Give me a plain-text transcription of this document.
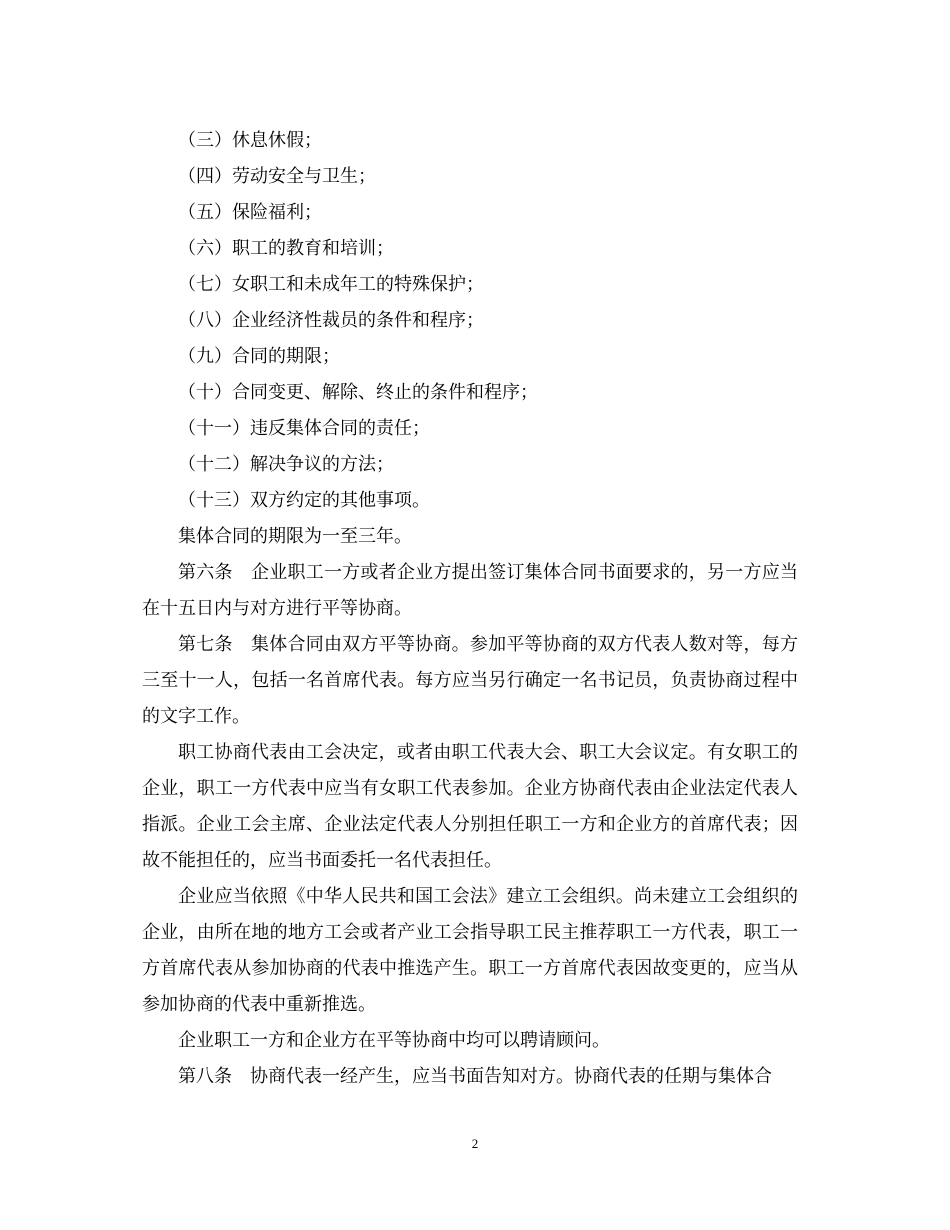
（三）休息休假；

（四）劳动安全与卫生；

（五）保险福利；

（六）职工的教育和培训；

（七）女职工和未成年工的特殊保护；

（八）企业经济性裁员的条件和程序；

（九）合同的期限；

（十）合同变更、解除、终止的条件和程序；

（十一）违反集体合同的责任；

（十二）解决争议的方法；

（十三）双方约定的其他事项。

集体合同的期限为一至三年。

第六条　企业职工一方或者企业方提出签订集体合同书面要求的，另一方应当在十五日内与对方进行平等协商。

第七条　集体合同由双方平等协商。参加平等协商的双方代表人数对等，每方三至十一人，包括一名首席代表。每方应当另行确定一名书记员，负责协商过程中的文字工作。

职工协商代表由工会决定，或者由职工代表大会、职工大会议定。有女职工的企业，职工一方代表中应当有女职工代表参加。企业方协商代表由企业法定代表人指派。企业工会主席、企业法定代表人分别担任职工一方和企业方的首席代表；因故不能担任的，应当书面委托一名代表担任。

企业应当依照《中华人民共和国工会法》建立工会组织。尚未建立工会组织的企业，由所在地的地方工会或者产业工会指导职工民主推荐职工一方代表，职工一方首席代表从参加协商的代表中推选产生。职工一方首席代表因故变更的，应当从参加协商的代表中重新推选。

企业职工一方和企业方在平等协商中均可以聘请顾问。

第八条　协商代表一经产生，应当书面告知对方。协商代表的任期与集体合

2
